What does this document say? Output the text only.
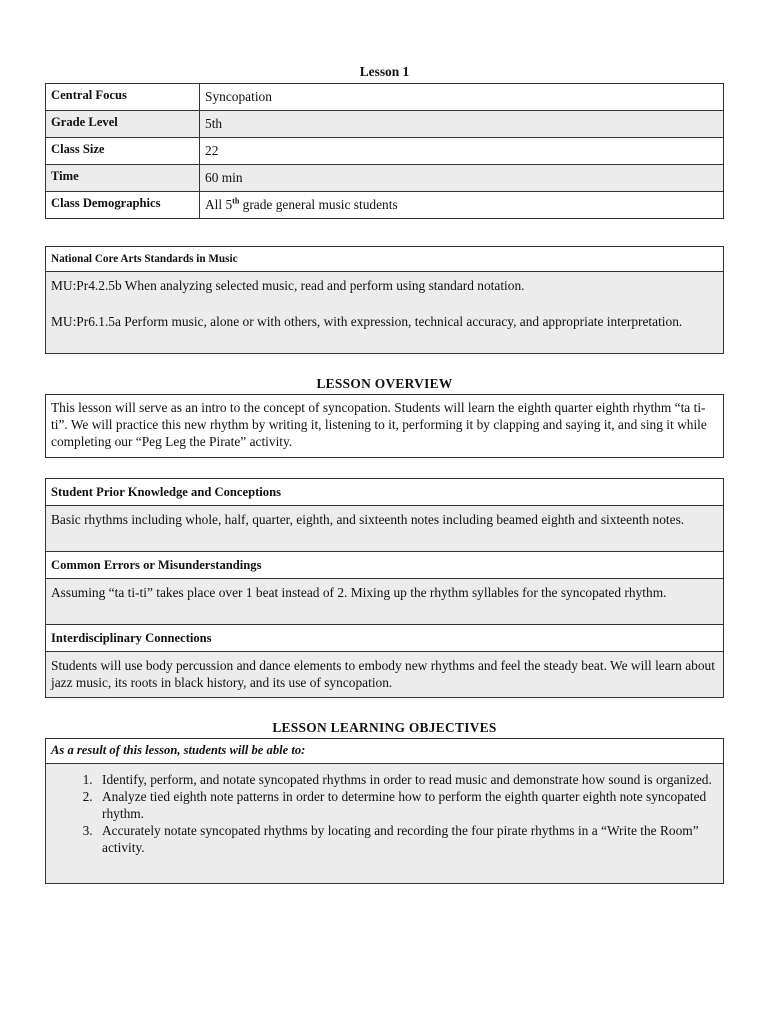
Lesson 1
Central Focus	Syncopation
Grade Level	5th
Class Size	22
Time	60 min
Class Demographics	All 5th grade general music students
National Core Arts Standards in Music

MU:Pr4.2.5b When analyzing selected music, read and perform using standard notation.

MU:Pr6.1.5a Perform music, alone or with others, with expression, technical accuracy, and appropriate interpretation.

LESSON OVERVIEW
This lesson will serve as an intro to the concept of syncopation. Students will learn the eighth quarter eighth rhythm “ta ti-ti”. We will practice this new rhythm by writing it, listening to it, performing it by clapping and saying it, and sing it while completing our “Peg Leg the Pirate” activity.
Student Prior Knowledge and Conceptions
Basic rhythms including whole, half, quarter, eighth, and sixteenth notes including beamed eighth and sixteenth notes.
Common Errors or Misunderstandings
Assuming “ta ti-ti” takes place over 1 beat instead of 2. Mixing up the rhythm syllables for the syncopated rhythm.
Interdisciplinary Connections
Students will use body percussion and dance elements to embody new rhythms and feel the steady beat. We will learn about jazz music, its roots in black history, and its use of syncopation.
LESSON LEARNING OBJECTIVES
As a result of this lesson, students will be able to:

1. Identify, perform, and notate syncopated rhythms in order to read music and demonstrate how sound is organized.
2. Analyze tied eighth note patterns in order to determine how to perform the eighth quarter eighth note syncopated rhythm.
3. Accurately notate syncopated rhythms by locating and recording the four pirate rhythms in a “Write the Room” activity.
